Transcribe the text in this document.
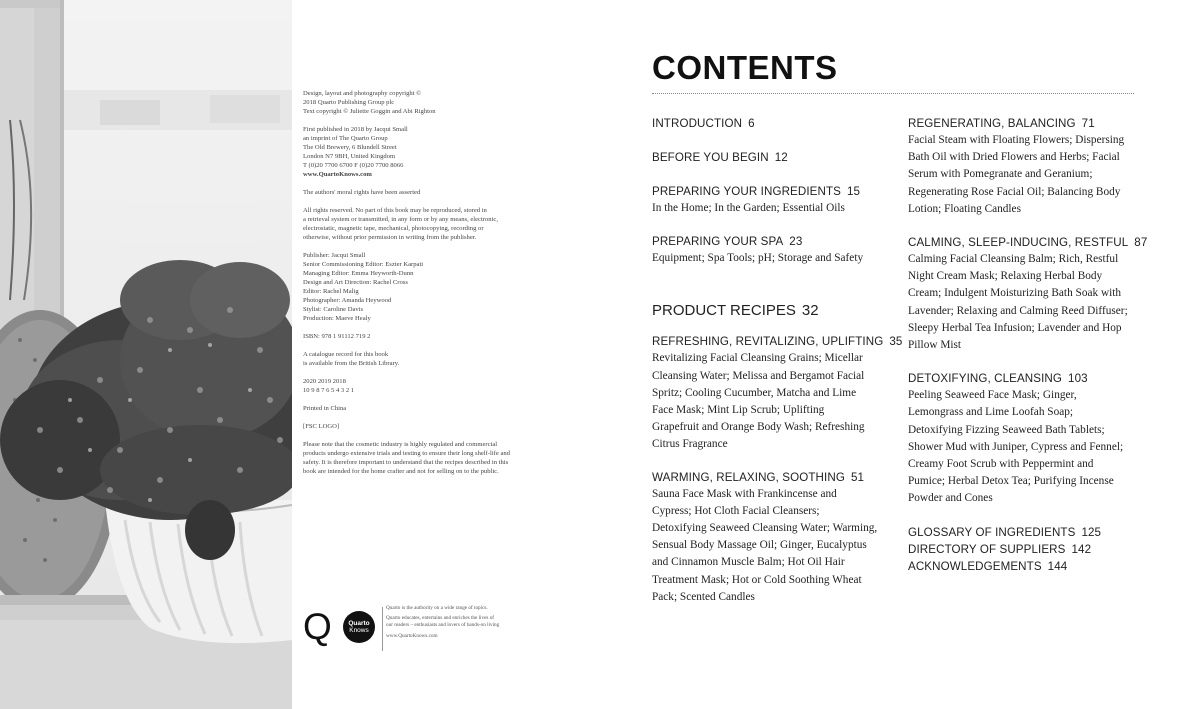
Design, layout and photography copyright ©
2018 Quarto Publishing Group plc
Text copyright © Juliette Goggin and Abi Righton
First published in 2018 by Jacqui Small
an imprint of The Quarto Group
The Old Brewery, 6 Blundell Street
London N7 9BH, United Kingdom
T (0)20 7700 6700 F (0)20 7700 8066
www.QuartoKnows.com
The authors' moral rights have been asserted
All rights reserved. No part of this book may be reproduced, stored in
a retrieval system or transmitted, in any form or by any means, electronic,
electrostatic, magnetic tape, mechanical, photocopying, recording or
otherwise, without prior permission in writing from the publisher.
Publisher: Jacqui Small
Senior Commissioning Editor: Eszter Karpati
Managing Editor: Emma Heyworth-Dunn
Design and Art Direction: Rachel Cross
Editor: Rachel Malig
Photographer: Amanda Heywood
Stylist: Caroline Davis
Production: Maeve Healy
ISBN: 978 1 91112 719 2
A catalogue record for this book
is available from the British Library.
2020 2019 2018
10 9 8 7 6 5 4 3 2 1
Printed in China
[FSC LOGO]
Please note that the cosmetic industry is highly regulated and commercial
products undergo extensive trials and testing to ensure their long shelf-life and
safety. It is therefore important to understand that the recipes described in this
book are intended for the home crafter and not for selling on to the public.
Q	Quarto
Knows
Quarto is the authority on a wide range of topics.
Quarto educates, entertains and enriches the lives of
our readers – enthusiasts and lovers of hands-on living
www.QuartoKnows.com
CONTENTS
INTRODUCTION 6
BEFORE YOU BEGIN 12
PREPARING YOUR INGREDIENTS 15
In the Home; In the Garden; Essential Oils
PREPARING YOUR SPA 23
Equipment; Spa Tools; pH; Storage and Safety
PRODUCT RECIPES 32
REFRESHING, REVITALIZING, UPLIFTING 35
Revitalizing Facial Cleansing Grains; Micellar
Cleansing Water; Melissa and Bergamot Facial
Spritz; Cooling Cucumber, Matcha and Lime
Face Mask; Mint Lip Scrub; Uplifting
Grapefruit and Orange Body Wash; Refreshing
Citrus Fragrance
WARMING, RELAXING, SOOTHING 51
Sauna Face Mask with Frankincense and
Cypress; Hot Cloth Facial Cleansers;
Detoxifying Seaweed Cleansing Water; Warming,
Sensual Body Massage Oil; Ginger, Eucalyptus
and Cinnamon Muscle Balm; Hot Oil Hair
Treatment Mask; Hot or Cold Soothing Wheat
Pack; Scented Candles
REGENERATING, BALANCING 71
Facial Steam with Floating Flowers; Dispersing
Bath Oil with Dried Flowers and Herbs; Facial
Serum with Pomegranate and Geranium;
Regenerating Rose Facial Oil; Balancing Body
Lotion; Floating Candles
CALMING, SLEEP-INDUCING, RESTFUL 87
Calming Facial Cleansing Balm; Rich, Restful
Night Cream Mask; Relaxing Herbal Body
Cream; Indulgent Moisturizing Bath Soak with
Lavender; Relaxing and Calming Reed Diffuser;
Sleepy Herbal Tea Infusion; Lavender and Hop
Pillow Mist
DETOXIFYING, CLEANSING 103
Peeling Seaweed Face Mask; Ginger,
Lemongrass and Lime Loofah Soap;
Detoxifying Fizzing Seaweed Bath Tablets;
Shower Mud with Juniper, Cypress and Fennel;
Creamy Foot Scrub with Peppermint and
Pumice; Herbal Detox Tea; Purifying Incense
Powder and Cones
GLOSSARY OF INGREDIENTS 125
DIRECTORY OF SUPPLIERS 142
ACKNOWLEDGEMENTS 144
